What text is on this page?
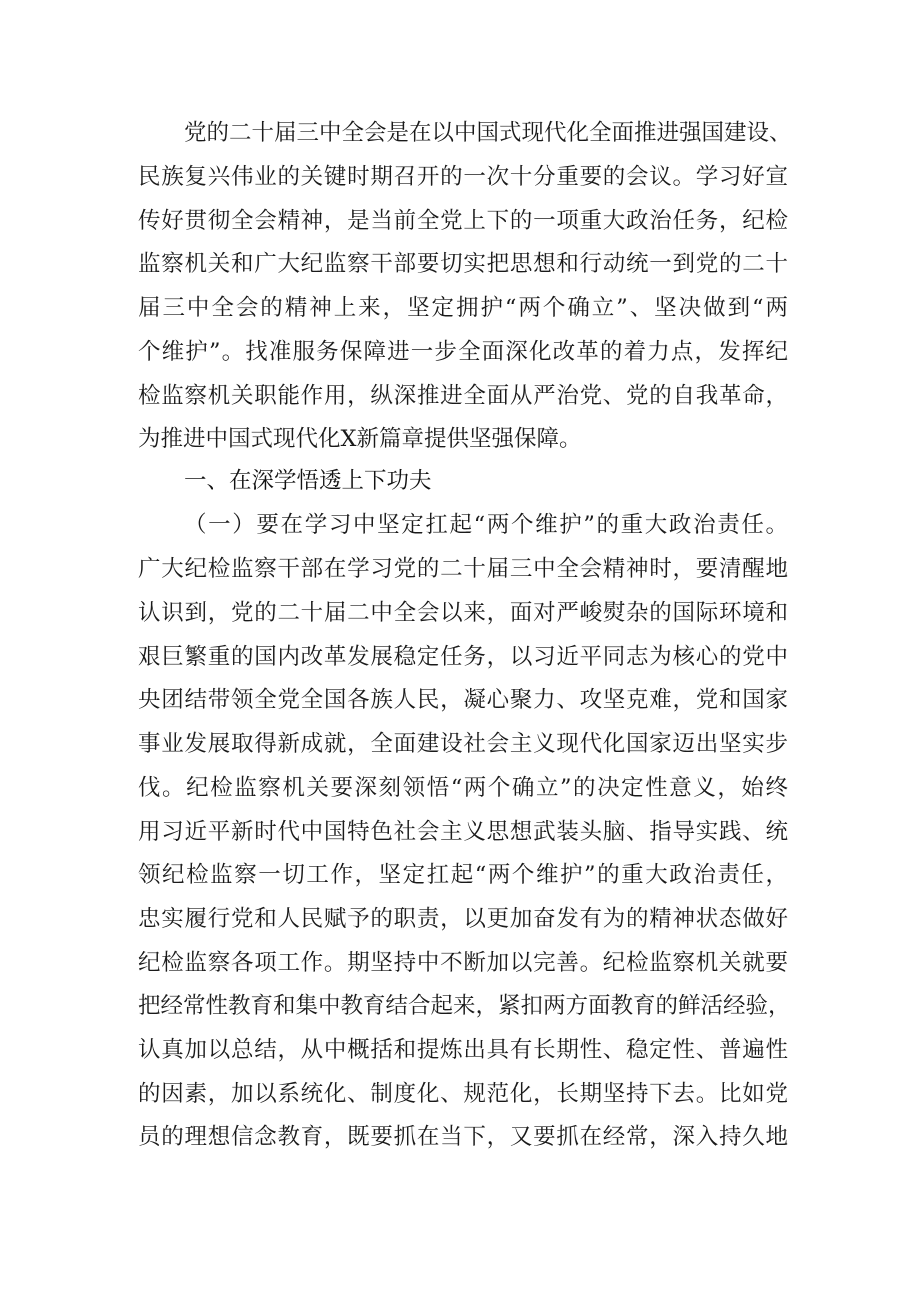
党的二十届三中全会是在以中国式现代化全面推进强国建设、
民族复兴伟业的关键时期召开的一次十分重要的会议。学习好宣
传好贯彻全会精神，是当前全党上下的一项重大政治任务，纪检
监察机关和广大纪监察干部要切实把思想和行动统一到党的二十
届三中全会的精神上来，坚定拥护“两个确立”、坚决做到“两
个维护”。找准服务保障进一步全面深化改革的着力点，发挥纪
检监察机关职能作用，纵深推进全面从严治党、党的自我革命，
为推进中国式现代化X新篇章提供坚强保障。
一、在深学悟透上下功夫
（一）要在学习中坚定扛起“两个维护”的重大政治责任。
广大纪检监察干部在学习党的二十届三中全会精神时，要清醒地
认识到，党的二十届二中全会以来，面对严峻熨杂的国际环境和
艰巨繁重的国内改革发展稳定任务，以习近平同志为核心的党中
央团结带领全党全国各族人民，凝心聚力、攻坚克难，党和国家
事业发展取得新成就，全面建设社会主义现代化国家迈出坚实步
伐。纪检监察机关要深刻领悟“两个确立”的决定性意义，始终
用习近平新时代中国特色社会主义思想武装头脑、指导实践、统
领纪检监察一切工作，坚定扛起“两个维护”的重大政治责任，
忠实履行党和人民赋予的职责，以更加奋发有为的精神状态做好
纪检监察各项工作。期坚持中不断加以完善。纪检监察机关就要
把经常性教育和集中教育结合起来，紧扣两方面教育的鲜活经验，
认真加以总结，从中概括和提炼出具有长期性、稳定性、普遍性
的因素，加以系统化、制度化、规范化，长期坚持下去。比如党
员的理想信念教育，既要抓在当下，又要抓在经常，深入持久地
